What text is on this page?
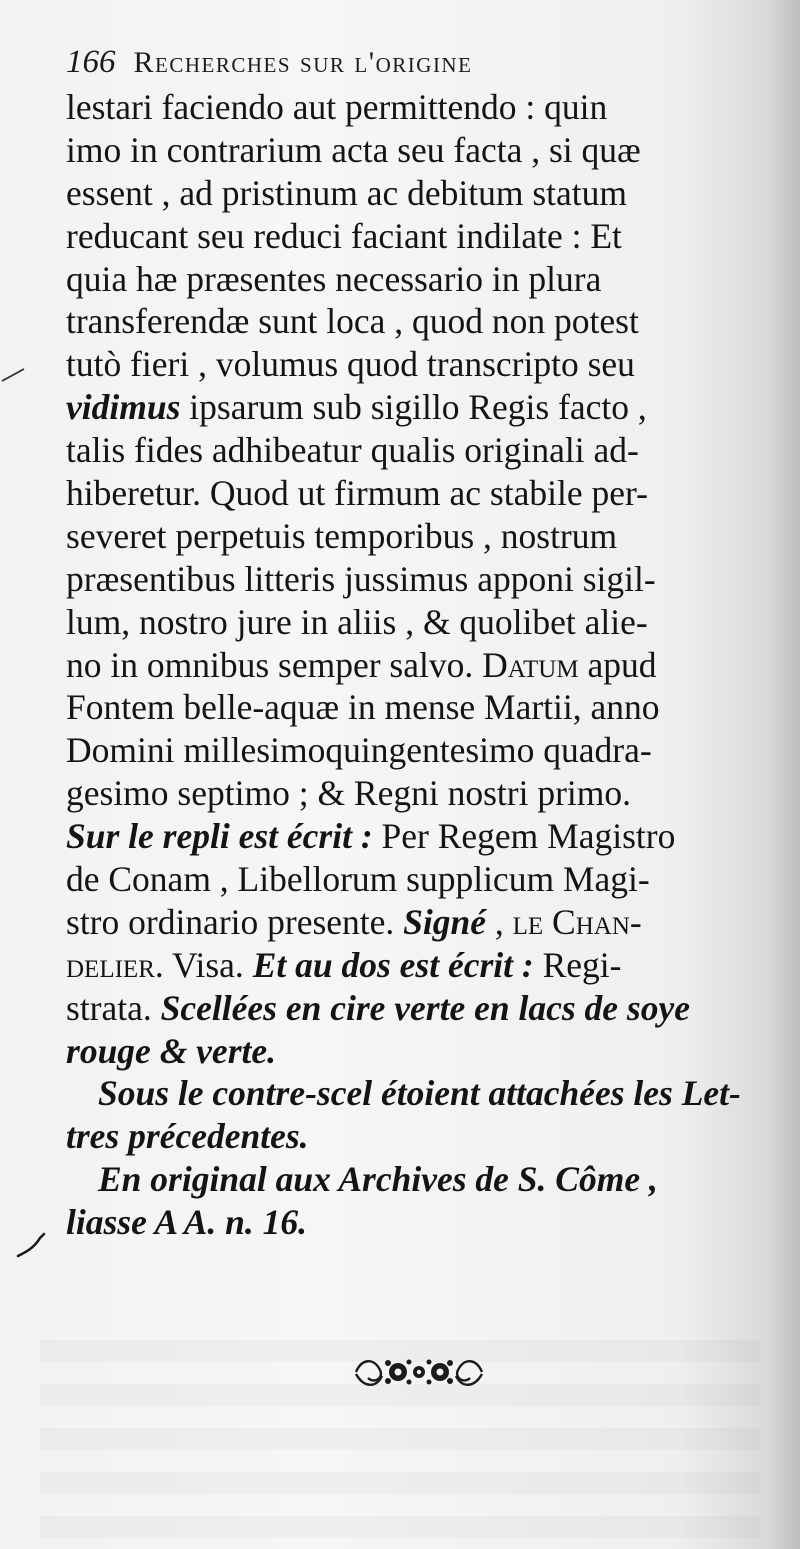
166 Recherches sur l'origine
lestari faciendo aut permittendo : quin
imo in contrarium acta seu facta , si quæ
essent , ad pristinum ac debitum statum
reducant seu reduci faciant indilate : Et
quia hæ præsentes necessario in plura
transferendæ sunt loca , quod non potest
tutò fieri , volumus quod transcripto seu
vidimus ipsarum sub sigillo Regis facto ,
talis fides adhibeatur qualis originali ad-
hiberetur. Quod ut firmum ac stabile per-
severet perpetuis temporibus , nostrum
præsentibus litteris jussimus apponi sigil-
lum, nostro jure in aliis , & quolibet alie-
no in omnibus semper salvo. Datum apud
Fontem belle-aquæ in mense Martii, anno
Domini millesimoquingentesimo quadra-
gesimo septimo ; & Regni nostri primo.
Sur le repli est écrit : Per Regem Magistro
de Conam , Libellorum supplicum Magi-
stro ordinario presente. Signé , le Chan-
delier. Visa. Et au dos est écrit : Regi-
strata. Scellées en cire verte en lacs de soye
rouge & verte.
Sous le contre-scel étoient attachées les Let-
tres précedentes.
En original aux Archives de S. Côme ,
liasse A A. n. 16.
